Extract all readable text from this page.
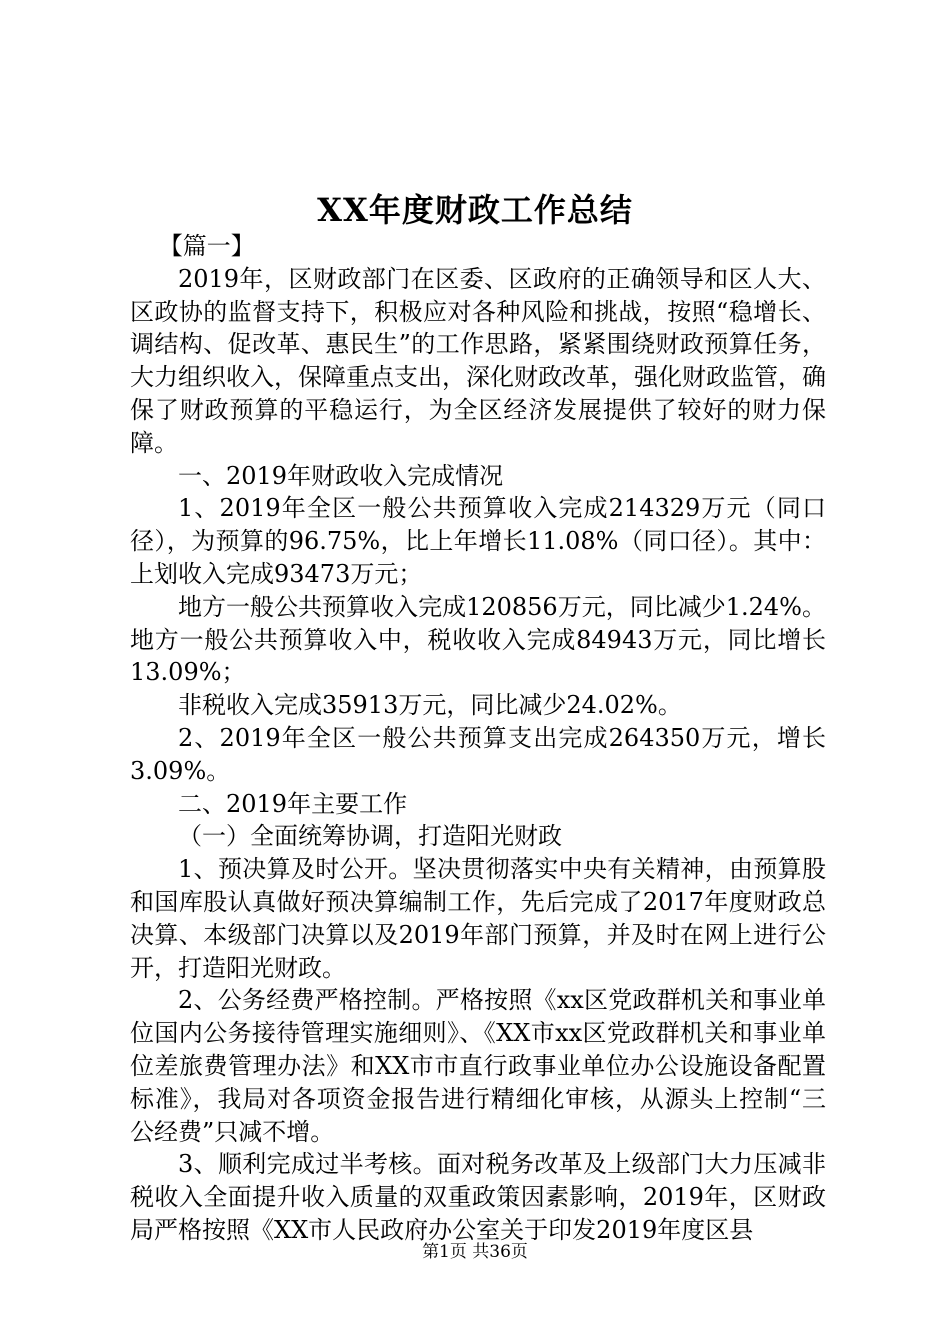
XX年度财政工作总结

【篇一】

2019年，区财政部门在区委、区政府的正确领导和区人大、区政协的监督支持下，积极应对各种风险和挑战，按照“稳增长、调结构、促改革、惠民生”的工作思路，紧紧围绕财政预算任务，大力组织收入，保障重点支出，深化财政改革，强化财政监管，确保了财政预算的平稳运行，为全区经济发展提供了较好的财力保障。

一、2019年财政收入完成情况

1、2019年全区一般公共预算收入完成214329万元（同口径），为预算的96.75%，比上年增长11.08%（同口径）。其中：上划收入完成93473万元；

地方一般公共预算收入完成120856万元，同比减少1.24%。地方一般公共预算收入中，税收收入完成84943万元，同比增长13.09%；

非税收入完成35913万元，同比减少24.02%。

2、2019年全区一般公共预算支出完成264350万元，增长3.09%。

二、2019年主要工作

（一）全面统筹协调，打造阳光财政

1、预决算及时公开。坚决贯彻落实中央有关精神，由预算股和国库股认真做好预决算编制工作，先后完成了2017年度财政总决算、本级部门决算以及2019年部门预算，并及时在网上进行公开，打造阳光财政。

2、公务经费严格控制。严格按照《xx区党政群机关和事业单位国内公务接待管理实施细则》、《XX市xx区党政群机关和事业单位差旅费管理办法》和XX市市直行政事业单位办公设施设备配置标准》，我局对各项资金报告进行精细化审核，从源头上控制“三公经费”只减不增。

3、顺利完成过半考核。面对税务改革及上级部门大力压减非税收入全面提升收入质量的双重政策因素影响，2019年，区财政局严格按照《XX市人民政府办公室关于印发2019年度区县

第1页 共36页
